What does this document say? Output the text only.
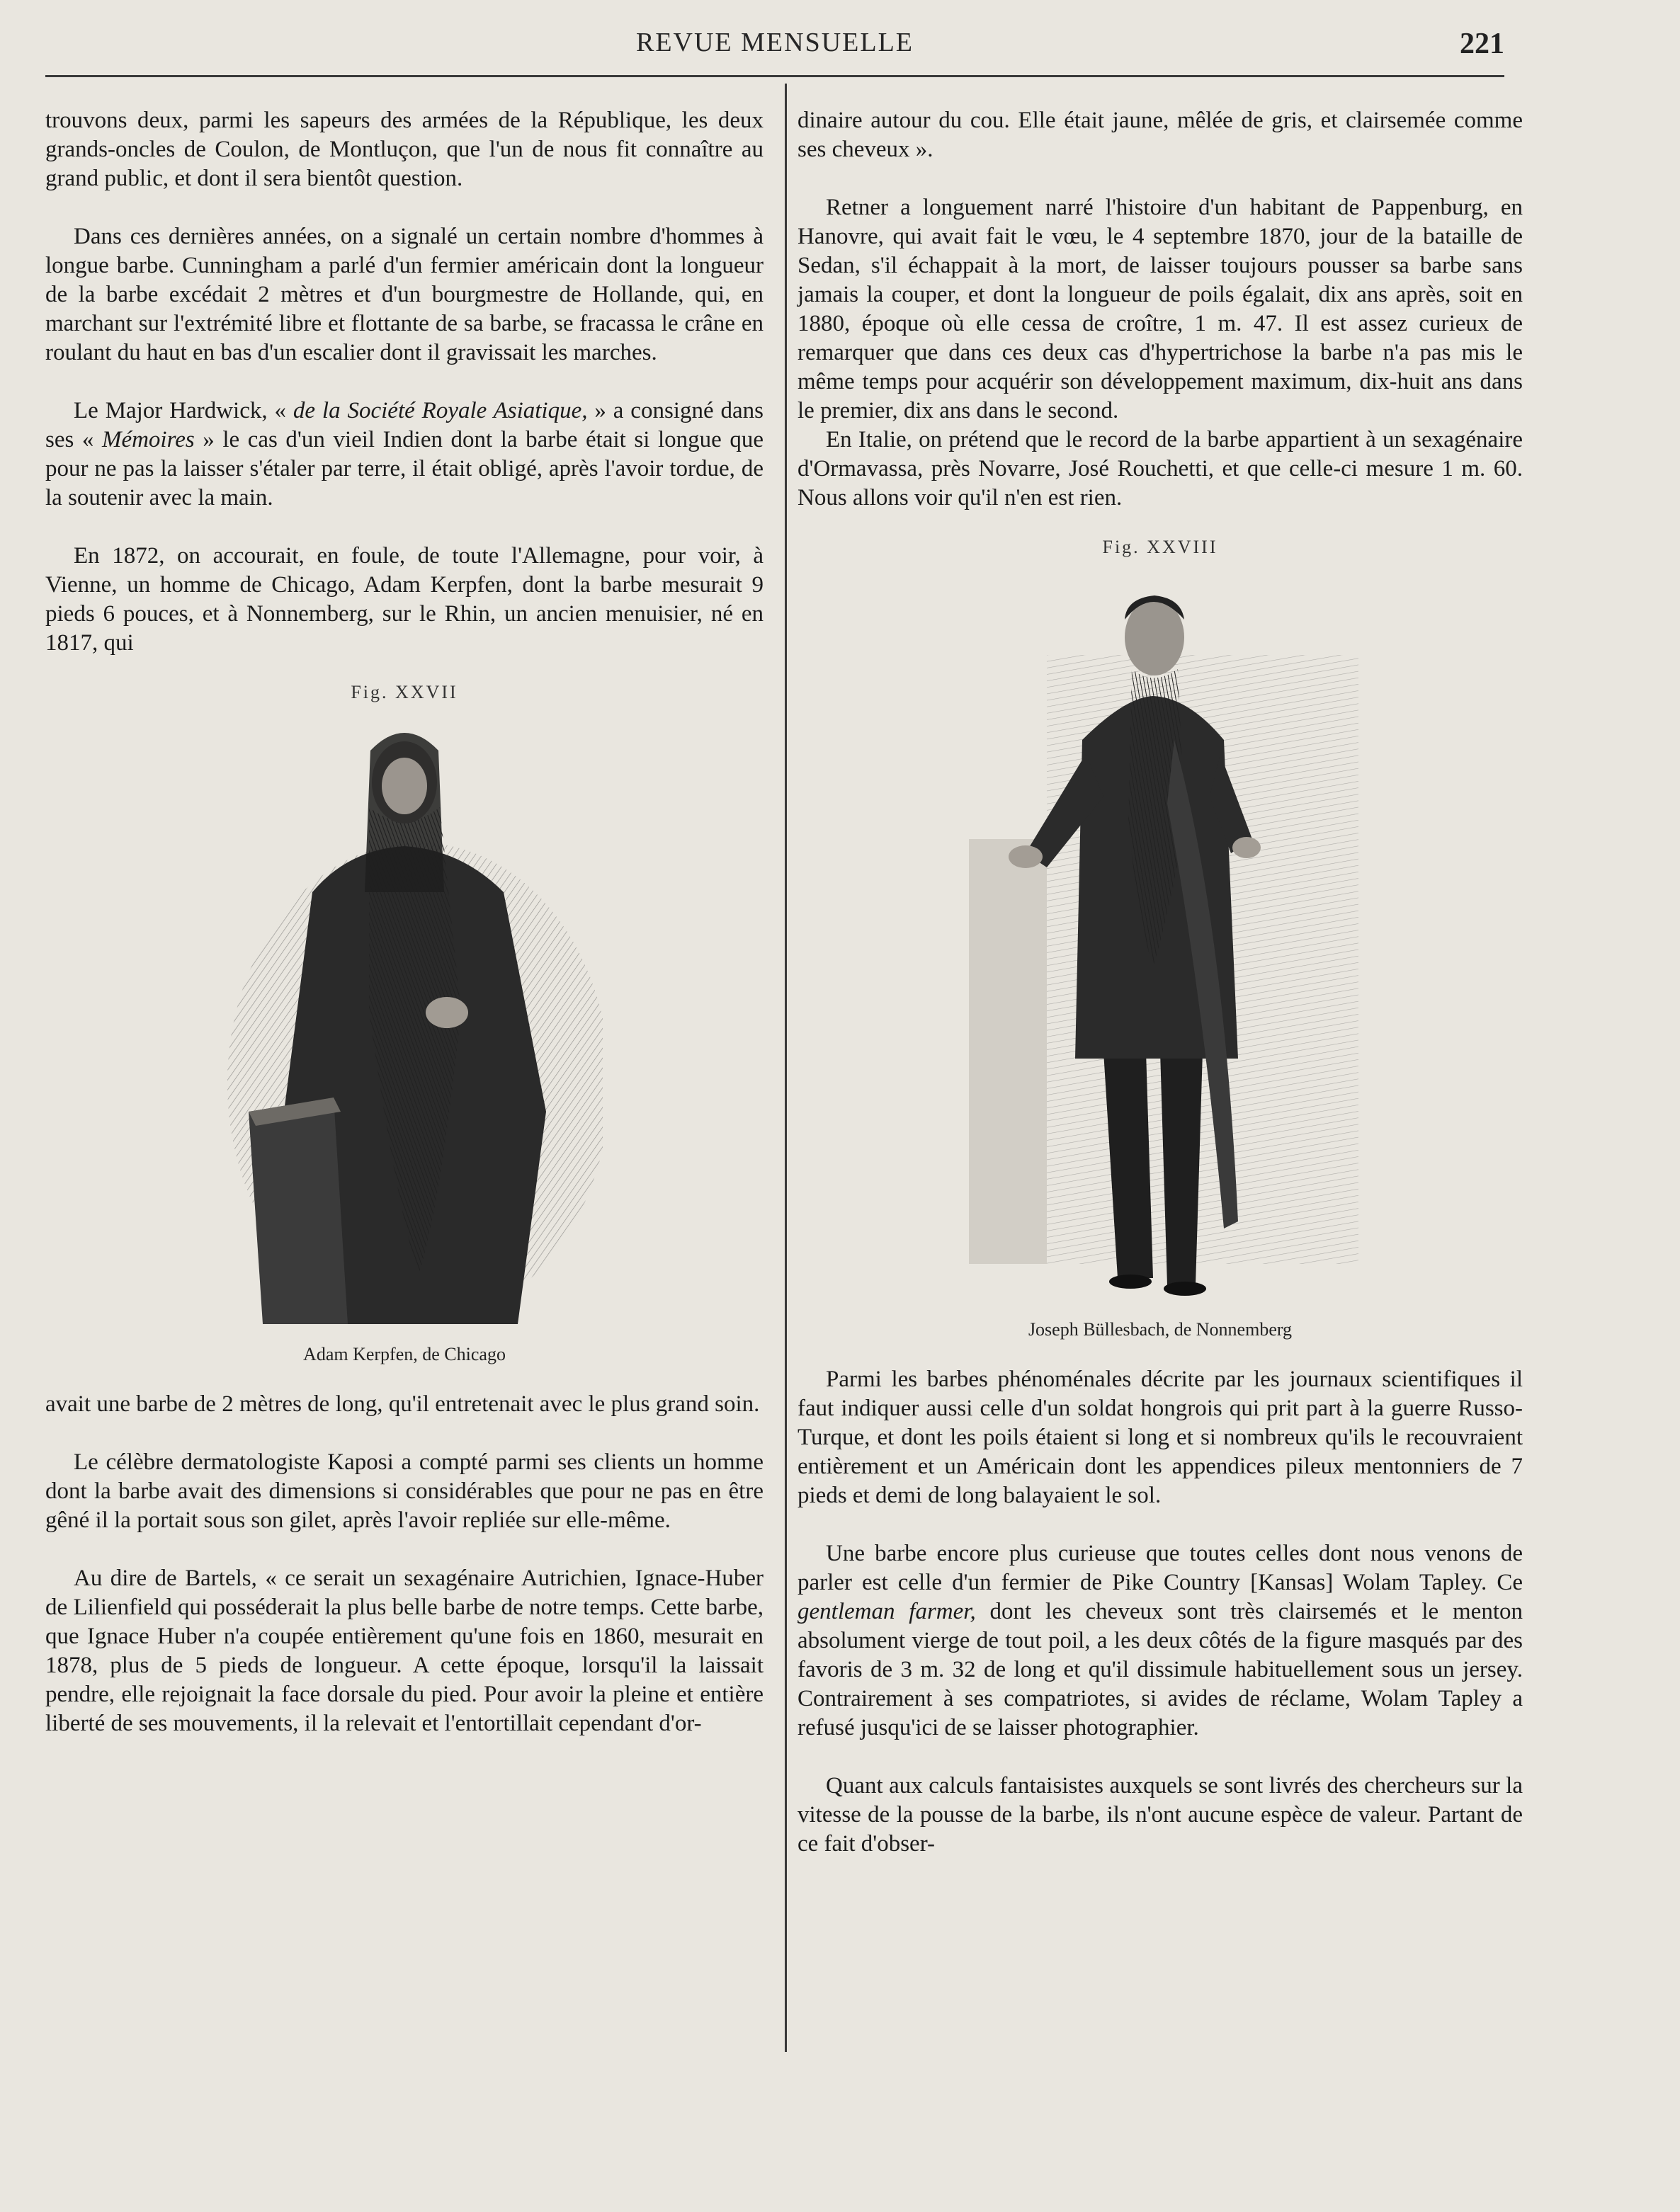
REVUE MENSUELLE	221

trouvons deux, parmi les sapeurs des armées de la République, les deux grands-oncles de Coulon, de Montluçon, que l'un de nous fit connaître au grand public, et dont il sera bientôt question.

Dans ces dernières années, on a signalé un certain nombre d'hommes à longue barbe. Cunningham a parlé d'un fermier américain dont la longueur de la barbe excédait 2 mètres et d'un bourgmestre de Hollande, qui, en marchant sur l'extrémité libre et flottante de sa barbe, se fracassa le crâne en roulant du haut en bas d'un escalier dont il gravissait les marches.

Le Major Hardwick, « de la Société Royale Asiatique, » a consigné dans ses « Mémoires » le cas d'un vieil Indien dont la barbe était si longue que pour ne pas la laisser s'étaler par terre, il était obligé, après l'avoir tordue, de la soutenir avec la main.

En 1872, on accourait, en foule, de toute l'Allemagne, pour voir, à Vienne, un homme de Chicago, Adam Kerpfen, dont la barbe mesurait 9 pieds 6 pouces, et à Nonnemberg, sur le Rhin, un ancien menuisier, né en 1817, qui

Fig. XXVII
Adam Kerpfen, de Chicago

avait une barbe de 2 mètres de long, qu'il entretenait avec le plus grand soin.

Le célèbre dermatologiste Kaposi a compté parmi ses clients un homme dont la barbe avait des dimensions si considérables que pour ne pas en être gêné il la portait sous son gilet, après l'avoir repliée sur elle-même.

Au dire de Bartels, « ce serait un sexagénaire Autrichien, Ignace-Huber de Lilienfield qui posséderait la plus belle barbe de notre temps. Cette barbe, que Ignace Huber n'a coupée entièrement qu'une fois en 1860, mesurait en 1878, plus de 5 pieds de longueur. A cette époque, lorsqu'il la laissait pendre, elle rejoignait la face dorsale du pied. Pour avoir la pleine et entière liberté de ses mouvements, il la relevait et l'entortillait cependant d'or-

dinaire autour du cou. Elle était jaune, mêlée de gris, et clairsemée comme ses cheveux ».

Retner a longuement narré l'histoire d'un habitant de Pappenburg, en Hanovre, qui avait fait le vœu, le 4 septembre 1870, jour de la bataille de Sedan, s'il échappait à la mort, de laisser toujours pousser sa barbe sans jamais la couper, et dont la longueur de poils égalait, dix ans après, soit en 1880, époque où elle cessa de croître, 1 m. 47. Il est assez curieux de remarquer que dans ces deux cas d'hypertrichose la barbe n'a pas mis le même temps pour acquérir son développement maximum, dix-huit ans dans le premier, dix ans dans le second.

En Italie, on prétend que le record de la barbe appartient à un sexagénaire d'Ormavassa, près Novarre, José Rouchetti, et que celle-ci mesure 1 m. 60. Nous allons voir qu'il n'en est rien.

Fig. XXVIII
Joseph Büllesbach, de Nonnemberg

Parmi les barbes phénoménales décrite par les journaux scientifiques il faut indiquer aussi celle d'un soldat hongrois qui prit part à la guerre Russo-Turque, et dont les poils étaient si long et si nombreux qu'ils le recouvraient entièrement et un Américain dont les appendices pileux mentonniers de 7 pieds et demi de long balayaient le sol.

Une barbe encore plus curieuse que toutes celles dont nous venons de parler est celle d'un fermier de Pike Country [Kansas] Wolam Tapley. Ce gentleman farmer, dont les cheveux sont très clairsemés et le menton absolument vierge de tout poil, a les deux côtés de la figure masqués par des favoris de 3 m. 32 de long et qu'il dissimule habituellement sous un jersey. Contrairement à ses compatriotes, si avides de réclame, Wolam Tapley a refusé jusqu'ici de se laisser photographier.

Quant aux calculs fantaisistes auxquels se sont livrés des chercheurs sur la vitesse de la pousse de la barbe, ils n'ont aucune espèce de valeur. Partant de ce fait d'obser-
